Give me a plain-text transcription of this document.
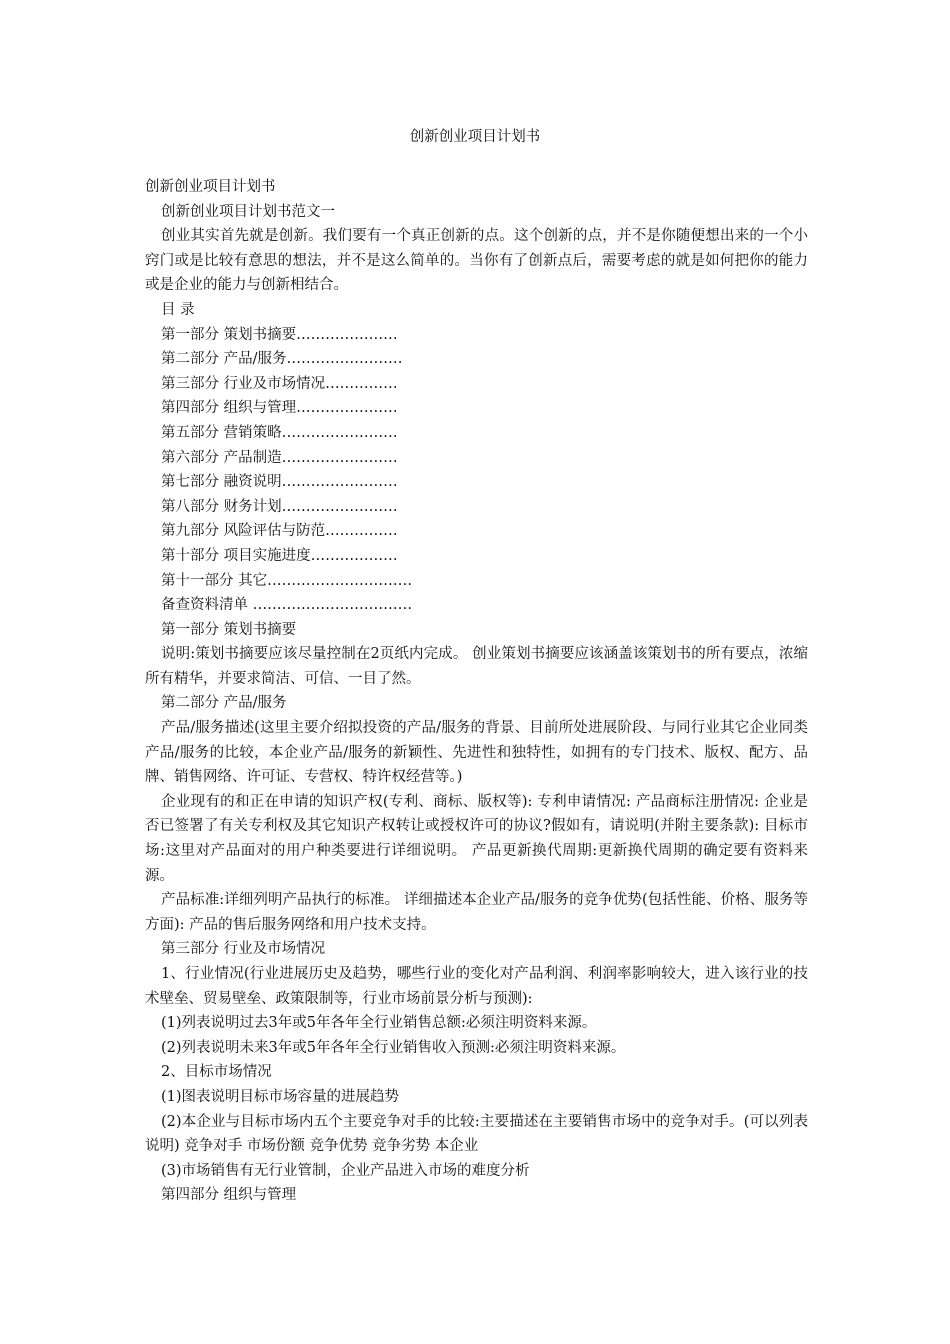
创新创业项目计划书

创新创业项目计划书

创新创业项目计划书范文一

创业其实首先就是创新。我们要有一个真正创新的点。这个创新的点，并不是你随便想出来的一个小窍门或是比较有意思的想法，并不是这么简单的。当你有了创新点后，需要考虑的就是如何把你的能力或是企业的能力与创新相结合。

目 录

第一部分 策划书摘要…………………

第二部分 产品/服务……………………

第三部分 行业及市场情况……………

第四部分 组织与管理…………………

第五部分 营销策略……………………

第六部分 产品制造……………………

第七部分 融资说明……………………

第八部分 财务计划……………………

第九部分 风险评估与防范……………

第十部分 项目实施进度………………

第十一部分 其它…………………………

备查资料清单 ……………………………

第一部分 策划书摘要

说明:策划书摘要应该尽量控制在2页纸内完成。 创业策划书摘要应该涵盖该策划书的所有要点，浓缩所有精华，并要求简洁、可信、一目了然。

第二部分 产品/服务

产品/服务描述(这里主要介绍拟投资的产品/服务的背景、目前所处进展阶段、与同行业其它企业同类产品/服务的比较，本企业产品/服务的新颖性、先进性和独特性，如拥有的专门技术、版权、配方、品牌、销售网络、许可证、专营权、特许权经营等。)

企业现有的和正在申请的知识产权(专利、商标、版权等): 专利申请情况: 产品商标注册情况: 企业是否已签署了有关专利权及其它知识产权转让或授权许可的协议?假如有，请说明(并附主要条款): 目标市场:这里对产品面对的用户种类要进行详细说明。 产品更新换代周期:更新换代周期的确定要有资料来源。

产品标准:详细列明产品执行的标准。 详细描述本企业产品/服务的竞争优势(包括性能、价格、服务等方面): 产品的售后服务网络和用户技术支持。

第三部分 行业及市场情况

1、行业情况(行业进展历史及趋势，哪些行业的变化对产品利润、利润率影响较大，进入该行业的技术壁垒、贸易壁垒、政策限制等，行业市场前景分析与预测):

(1)列表说明过去3年或5年各年全行业销售总额:必须注明资料来源。

(2)列表说明未来3年或5年各年全行业销售收入预测:必须注明资料来源。

2、目标市场情况

(1)图表说明目标市场容量的进展趋势

(2)本企业与目标市场内五个主要竞争对手的比较:主要描述在主要销售市场中的竞争对手。(可以列表说明) 竞争对手 市场份额 竞争优势 竞争劣势 本企业

(3)市场销售有无行业管制，企业产品进入市场的难度分析

第四部分 组织与管理
